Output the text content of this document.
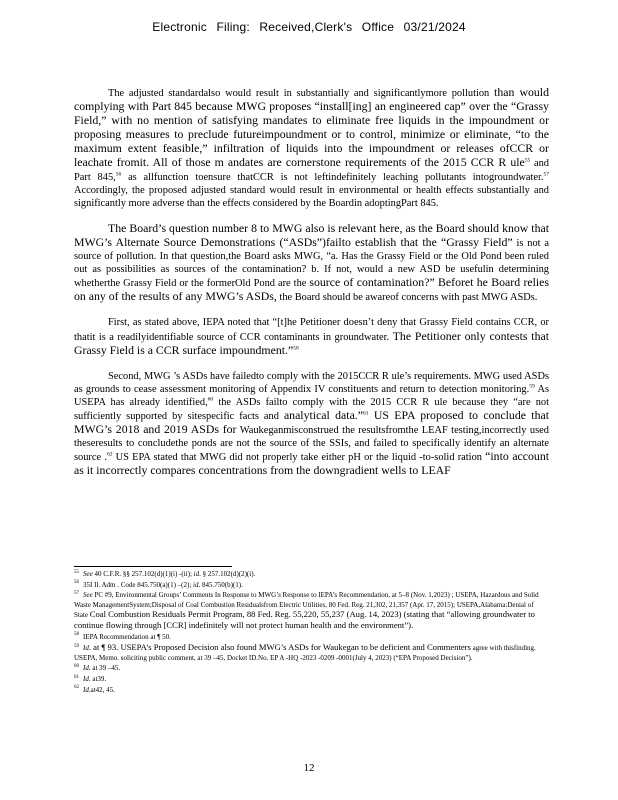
Electronic Filing: Received,Clerk's Office 03/21/2024

The adjusted standardalso would result in substantially and significantlymore pollution than would complying with Part 845 because MWG proposes “install[ing] an engineered cap” over the “Grassy Field,” with no mention of satisfying mandates to eliminate free liquids in the impoundment or proposing measures to preclude futureimpoundment or to control, minimize or eliminate, “to the maximum extent feasible,” infiltration of liquids into the impoundment or releases ofCCR or leachate fromit. All of those m andates are cornerstone requirements of the 2015 CCR R ule$^{55}$ and Part 845,56 as allfunction toensure thatCCR is not leftindefinitely leaching pollutants intogroundwater.$^{57}$ Accordingly, the proposed adjusted standard would result in environmental or health effects substantially and significantly more adverse than the effects considered by the Boardin adoptingPart 845.

The Board’s question number 8 to MWG also is relevant here, as the Board should know that MWG’s Alternate Source Demonstrations (“ASDs”)failto establish that the “Grassy Field” is not a source of pollution. In that question,the Board asks MWG, “a. Has the Grassy Field or the Old Pond been ruled out as possibilities as sources of the contamination? b. If not, would a new ASD be usefulin determining whetherthe Grassy Field or the formerOld Pond are the source of contamination?” Beforet he Board relies on any of the results of any MWG’s ASDs, the Board should be awareof concerns with past MWG ASDs.

First, as stated above, IEPA noted that “[t]he Petitioner doesn’t deny that Grassy Field contains CCR, or thatit is a readilyidentifiable source of CCR contaminants in groundwater. The Petitioner only contests that Grassy Field is a CCR surface impoundment.”$^{58}$

Second, MWG ’s ASDs have failedto comply with the 2015CCR R ule’s requirements. MWG used ASDs as grounds to cease assessment monitoring of Appendix IV constituents and return to detection monitoring.$^{59}$ As USEPA has already identified,$^{60}$ the ASDs failto comply with the 2015 CCR R ule because they “are not sufficiently supported by sitespecific facts and analytical data.”$^{61}$ US EPA proposed to conclude that MWG’s 2018 and 2019 ASDs for Waukeganmisconstrued the resultsfromthe LEAF testing,incorrectly used theseresults to concludethe ponds are not the source of the SSIs, and failed to specifically identify an alternate source .$^{62}$ US EPA stated that MWG did not properly take either pH or the liquid -to-solid ration “into account as it incorrectly compares concentrations from the downgradient wells to LEAF

$^{55}$ See 40 C.F.R. §§ 257.102(d)(1)(i) -(ii); id. § 257.102(d)(2)(i).
$^{56}$ 35I Il. Adm . Code 845.750(a)(1) –(2); id. 845.750(b)(1).
$^{57}$ See PC #9, Environmental Groups’ Comments In Response to MWG’s Response to IEPA’s Recommendation, at 5–8 (Nov. 1,2023) ; USEPA, Hazardous and Solid Waste ManagementSystem;Disposal of Coal Combustion Residualsfrom Electric Utilities, 80 Fed. Reg. 21,302, 21,357 (Apr. 17, 2015); USEPA,Alabama:Denial of State Coal Combustion Residuals Permit Program, 88 Fed. Reg. 55,220, 55,237 (Aug. 14, 2023) (stating that “allowing groundwater to continue flowing through [CCR] indefinitely will not protect human health and the environment”).
$^{58}$ IEPA Recommendation at ¶ 50.
$^{59}$ Id. at ¶ 93. USEPA’s Proposed Decision also found MWG’s ASDs for Waukegan to be deficient and Commenters agree with thisfinding. USEPA, Memo. soliciting public comment, at 39 –45, Docket ID.No. EP A -HQ -2023 -0209 -0001(July 4, 2023) (“EPA Proposed Decision”).
$^{60}$ Id. at 39 –45.
$^{61}$ Id. at39.
$^{62}$ Id.at42, 45.
12
